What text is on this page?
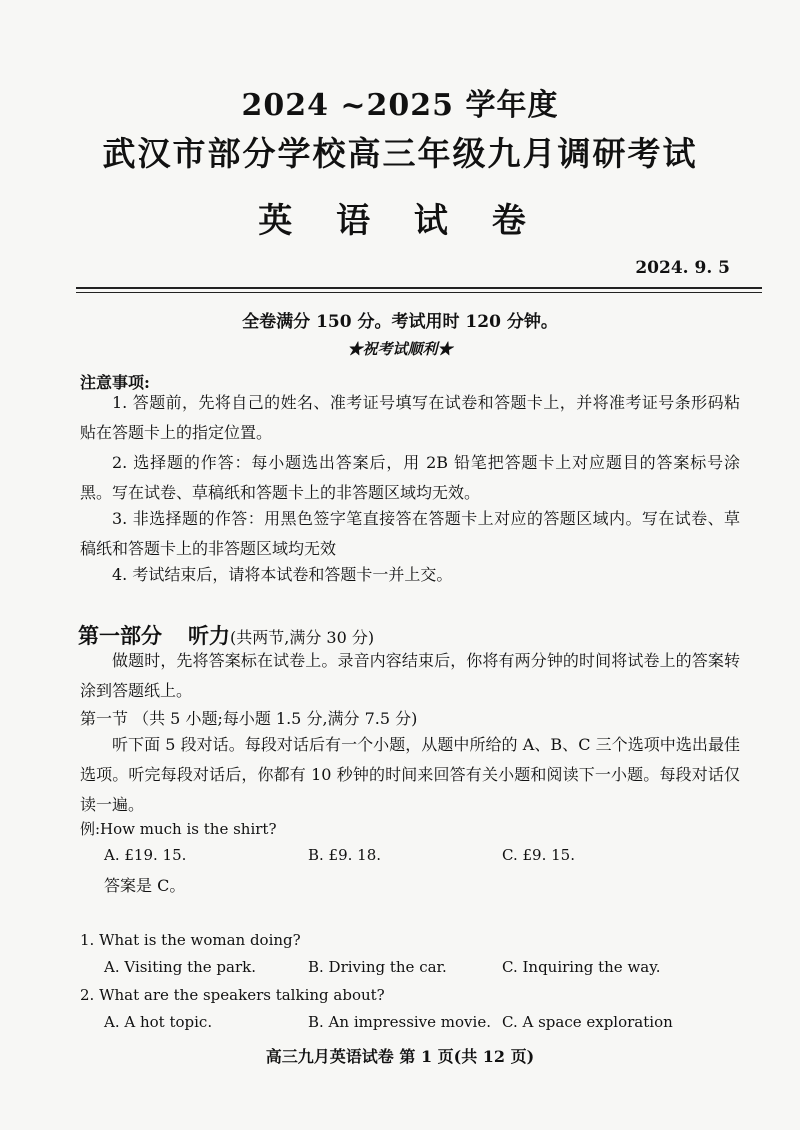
2024 ~2025 学年度
武汉市部分学校高三年级九月调研考试
英 语 试 卷
2024. 9. 5
全卷满分 150 分。考试用时 120 分钟。
★祝考试顺利★
注意事项:
1. 答题前，先将自己的姓名、准考证号填写在试卷和答题卡上，并将准考证号条形码粘贴在答题卡上的指定位置。
2. 选择题的作答：每小题选出答案后，用 2B 铅笔把答题卡上对应题目的答案标号涂黑。写在试卷、草稿纸和答题卡上的非答题区域均无效。
3. 非选择题的作答：用黑色签字笔直接答在答题卡上对应的答题区域内。写在试卷、草稿纸和答题卡上的非答题区域均无效
4. 考试结束后，请将本试卷和答题卡一并上交。
第一部分 听力(共两节,满分 30 分)
做题时，先将答案标在试卷上。录音内容结束后，你将有两分钟的时间将试卷上的答案转涂到答题纸上。
第一节 （共 5 小题;每小题 1.5 分,满分 7.5 分)
听下面 5 段对话。每段对话后有一个小题，从题中所给的 A、B、C 三个选项中选出最佳选项。听完每段对话后，你都有 10 秒钟的时间来回答有关小题和阅读下一小题。每段对话仅读一遍。
例:How much is the shirt?
A. £19. 15.	B. £9. 18.	C. £9. 15.
答案是 C。
1. What is the woman doing?
A. Visiting the park.	B. Driving the car.	C. Inquiring the way.
2. What are the speakers talking about?
A. A hot topic.	B. An impressive movie. C. A space exploration
高三九月英语试卷 第 1 页(共 12 页)
